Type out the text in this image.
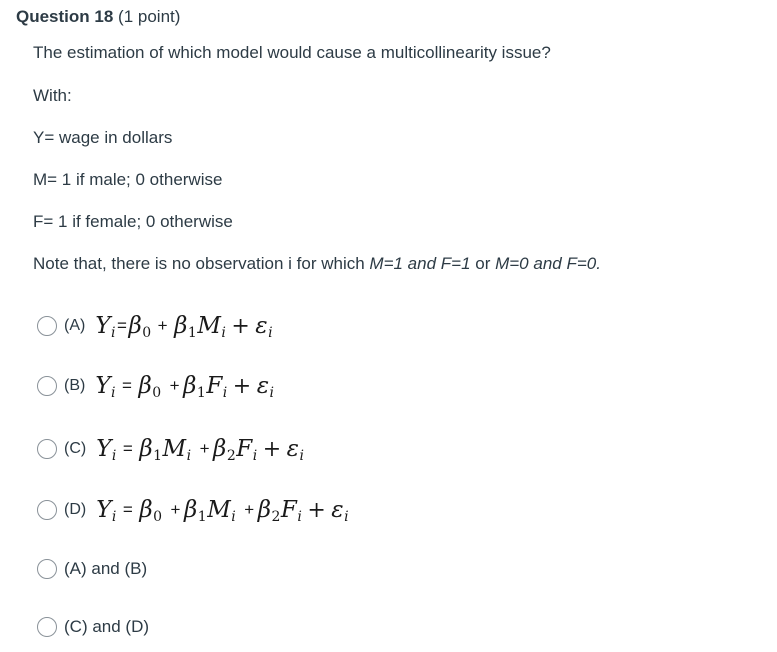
Question 18 (1 point)
The estimation of which model would cause a multicollinearity issue?
With:
Y= wage in dollars
M= 1 if male; 0 otherwise
F= 1 if female; 0 otherwise
Note that, there is no observation i for which M=1 and F=1 or M=0 and F=0.
(A) $Y_i=\beta_0 + \beta_1M_i + \varepsilon_i$
(B) $Y_i = \beta_0 + \beta_1F_i + \varepsilon_i$
(C) $Y_i = \beta_1M_i + \beta_2F_i + \varepsilon_i$
(D) $Y_i = \beta_0 + \beta_1M_i + \beta_2F_i + \varepsilon_i$
(A) and (B)
(C) and (D)
